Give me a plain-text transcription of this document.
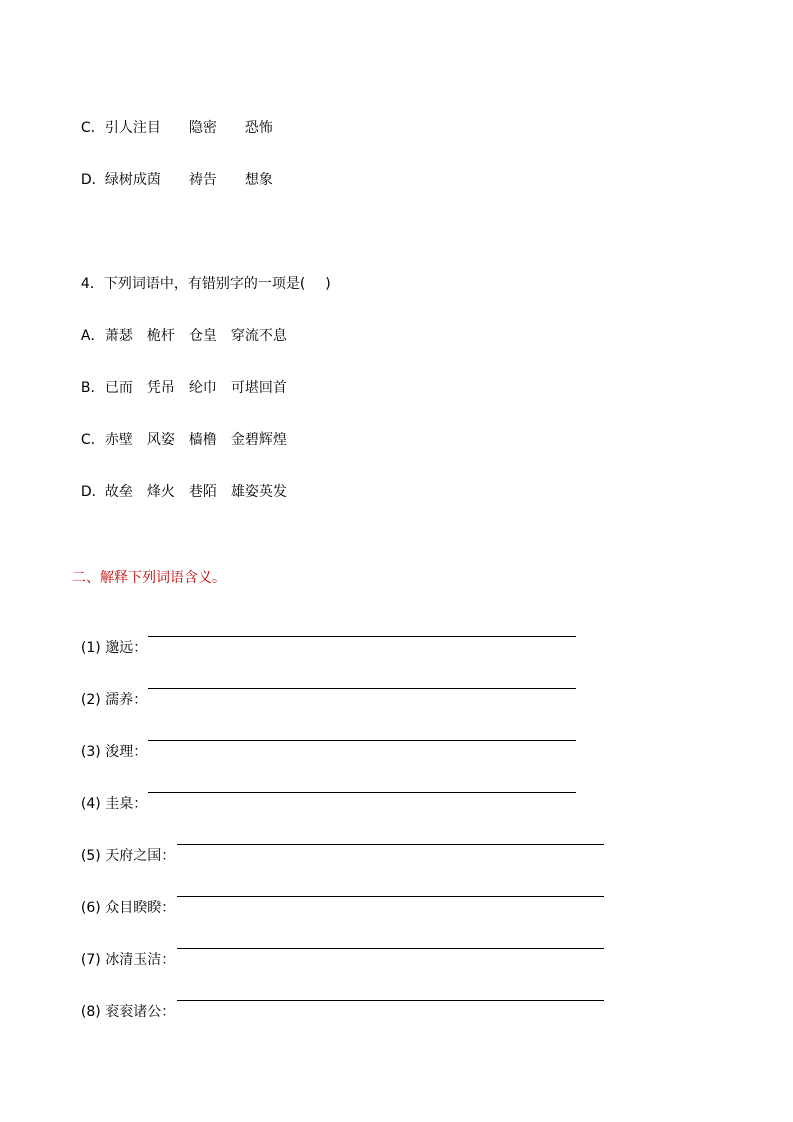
C．引人注目 隐密 恐怖

D．绿树成茵 祷告 想象

4．下列词语中，有错别字的一项是( )

A．萧瑟 桅杆 仓皇 穿流不息

B．已而 凭吊 纶巾 可堪回首

C．赤壁 风姿 樯橹 金碧辉煌

D．故垒 烽火 巷陌 雄姿英发

二、解释下列词语含义。

(1) 邈远：

(2) 濡养：

(3) 浚理：

(4) 圭臬：

(5) 天府之国：

(6) 众目睽睽：

(7) 冰清玉洁：

(8) 衮衮诸公：
